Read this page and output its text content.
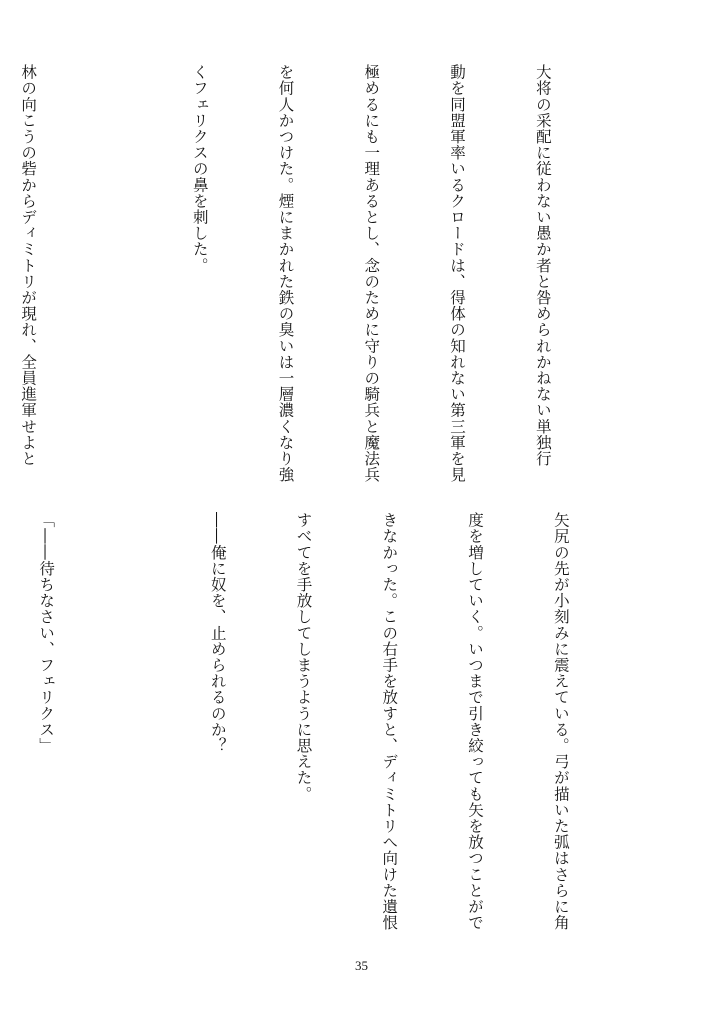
大将の采配に従わない愚か者と咎められかねない単独行

動を同盟軍率いるクロードは、得体の知れない第三軍を見

極めるにも一理あるとし、念のために守りの騎兵と魔法兵

を何人かつけた。煙にまかれた鉄の臭いは一層濃くなり強

くフェリクスの鼻を刺した。

林の向こうの砦からディミトリが現れ、全員進軍せよと

矢尻の先が小刻みに震えている。弓が描いた弧はさらに角

度を増していく。いつまで引き絞っても矢を放つことがで

きなかった。この右手を放すと、ディミトリへ向けた遺恨

すべてを手放してしまうように思えた。

――俺に奴を、止められるのか？

「――待ちなさい、フェリクス」

35
